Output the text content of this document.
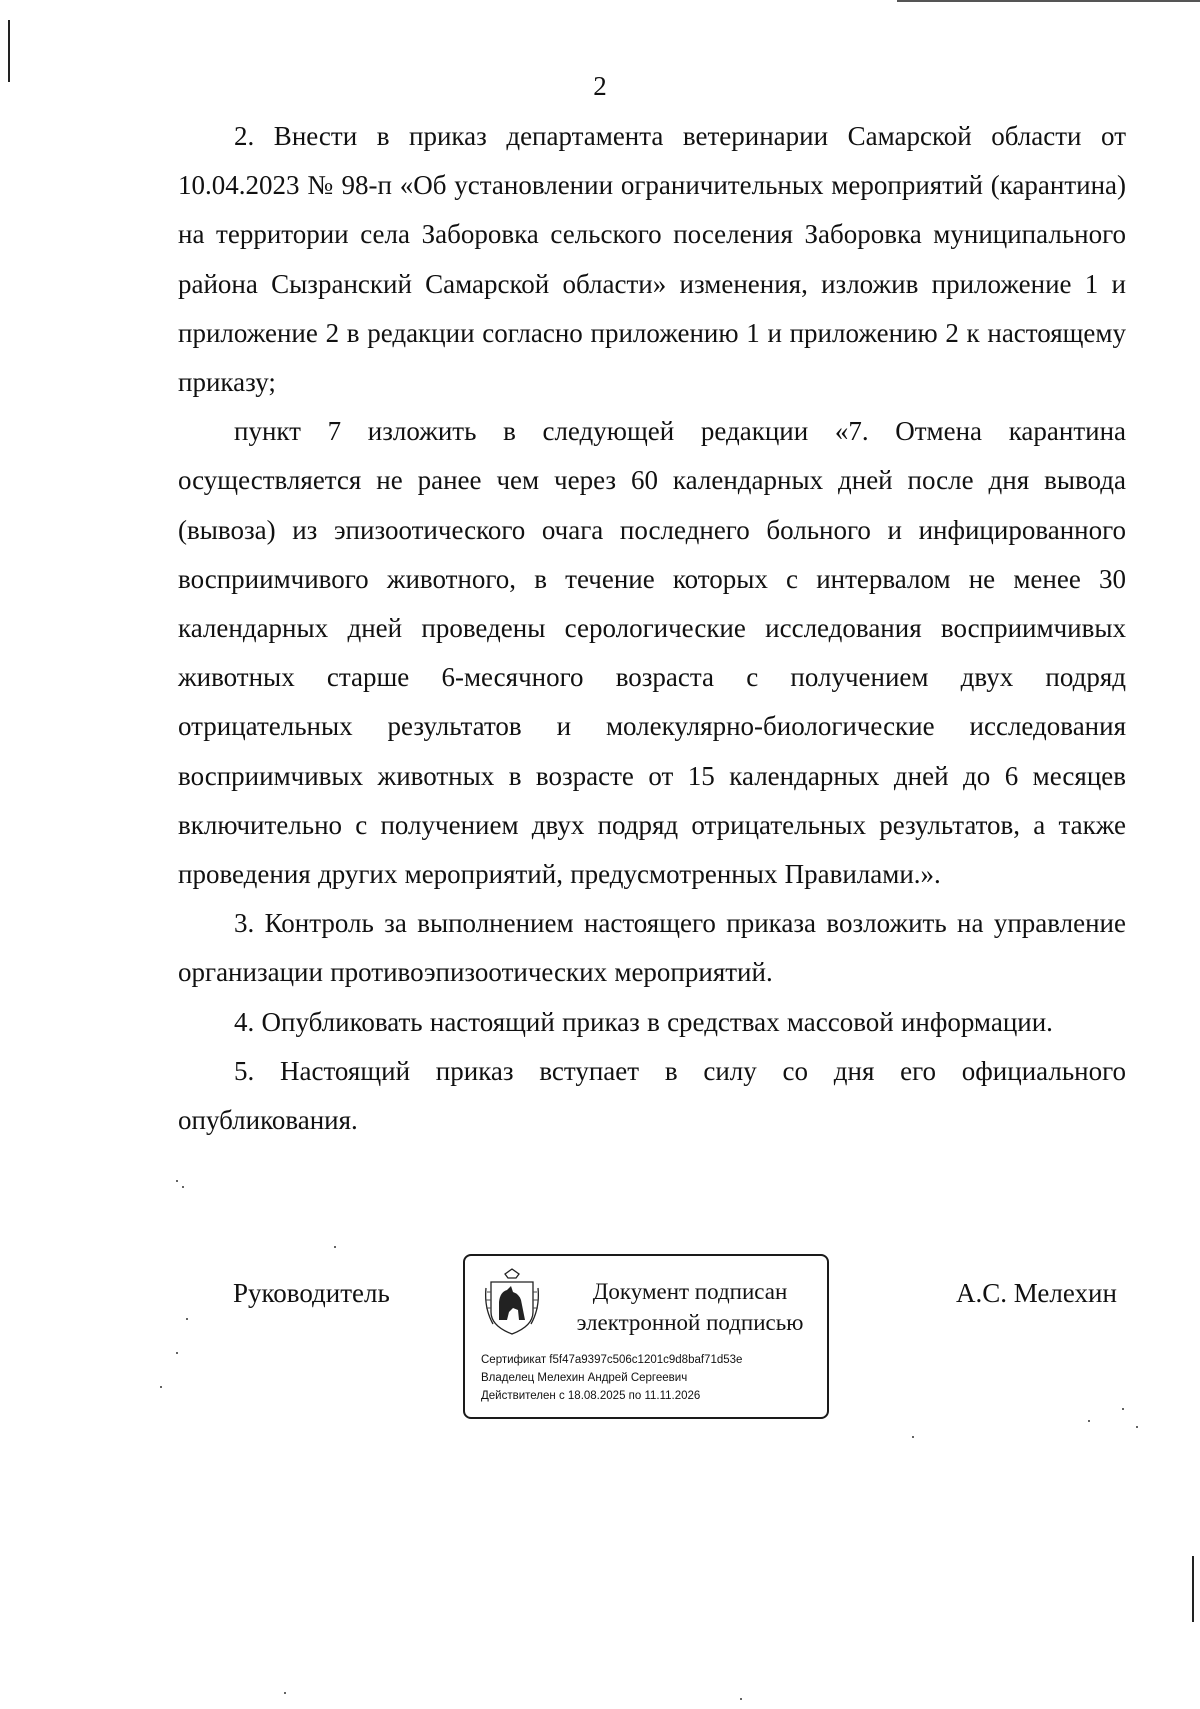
2

2. Внести в приказ департамента ветеринарии Самарской области от 10.04.2023 № 98-п «Об установлении ограничительных мероприятий (карантина) на территории села Заборовка сельского поселения Заборовка муниципального района Сызранский Самарской области» изменения, изложив приложение 1 и приложение 2 в редакции согласно приложению 1 и приложению 2 к настоящему приказу;

пункт 7 изложить в следующей редакции «7. Отмена карантина осуществляется не ранее чем через 60 календарных дней после дня вывода (вывоза) из эпизоотического очага последнего больного и инфицированного восприимчивого животного, в течение которых с интервалом не менее 30 календарных дней проведены серологические исследования восприимчивых животных старше 6-месячного возраста с получением двух подряд отрицательных результатов и молекулярно-биологические исследования восприимчивых животных в возрасте от 15 календарных дней до 6 месяцев включительно с получением двух подряд отрицательных результатов, а также проведения других мероприятий, предусмотренных Правилами.».

3. Контроль за выполнением настоящего приказа возложить на управление организации противоэпизоотических мероприятий.

4. Опубликовать настоящий приказ в средствах массовой информации.

5. Настоящий приказ вступает в силу со дня его официального опубликования.

Руководитель	Документ подписан
электронной подписью
Сертификат f5f47a9397c506c1201c9d8baf71d53e
Владелец Мелехин Андрей Сергеевич
Действителен с 18.08.2025 по 11.11.2026
А.С. Мелехин
